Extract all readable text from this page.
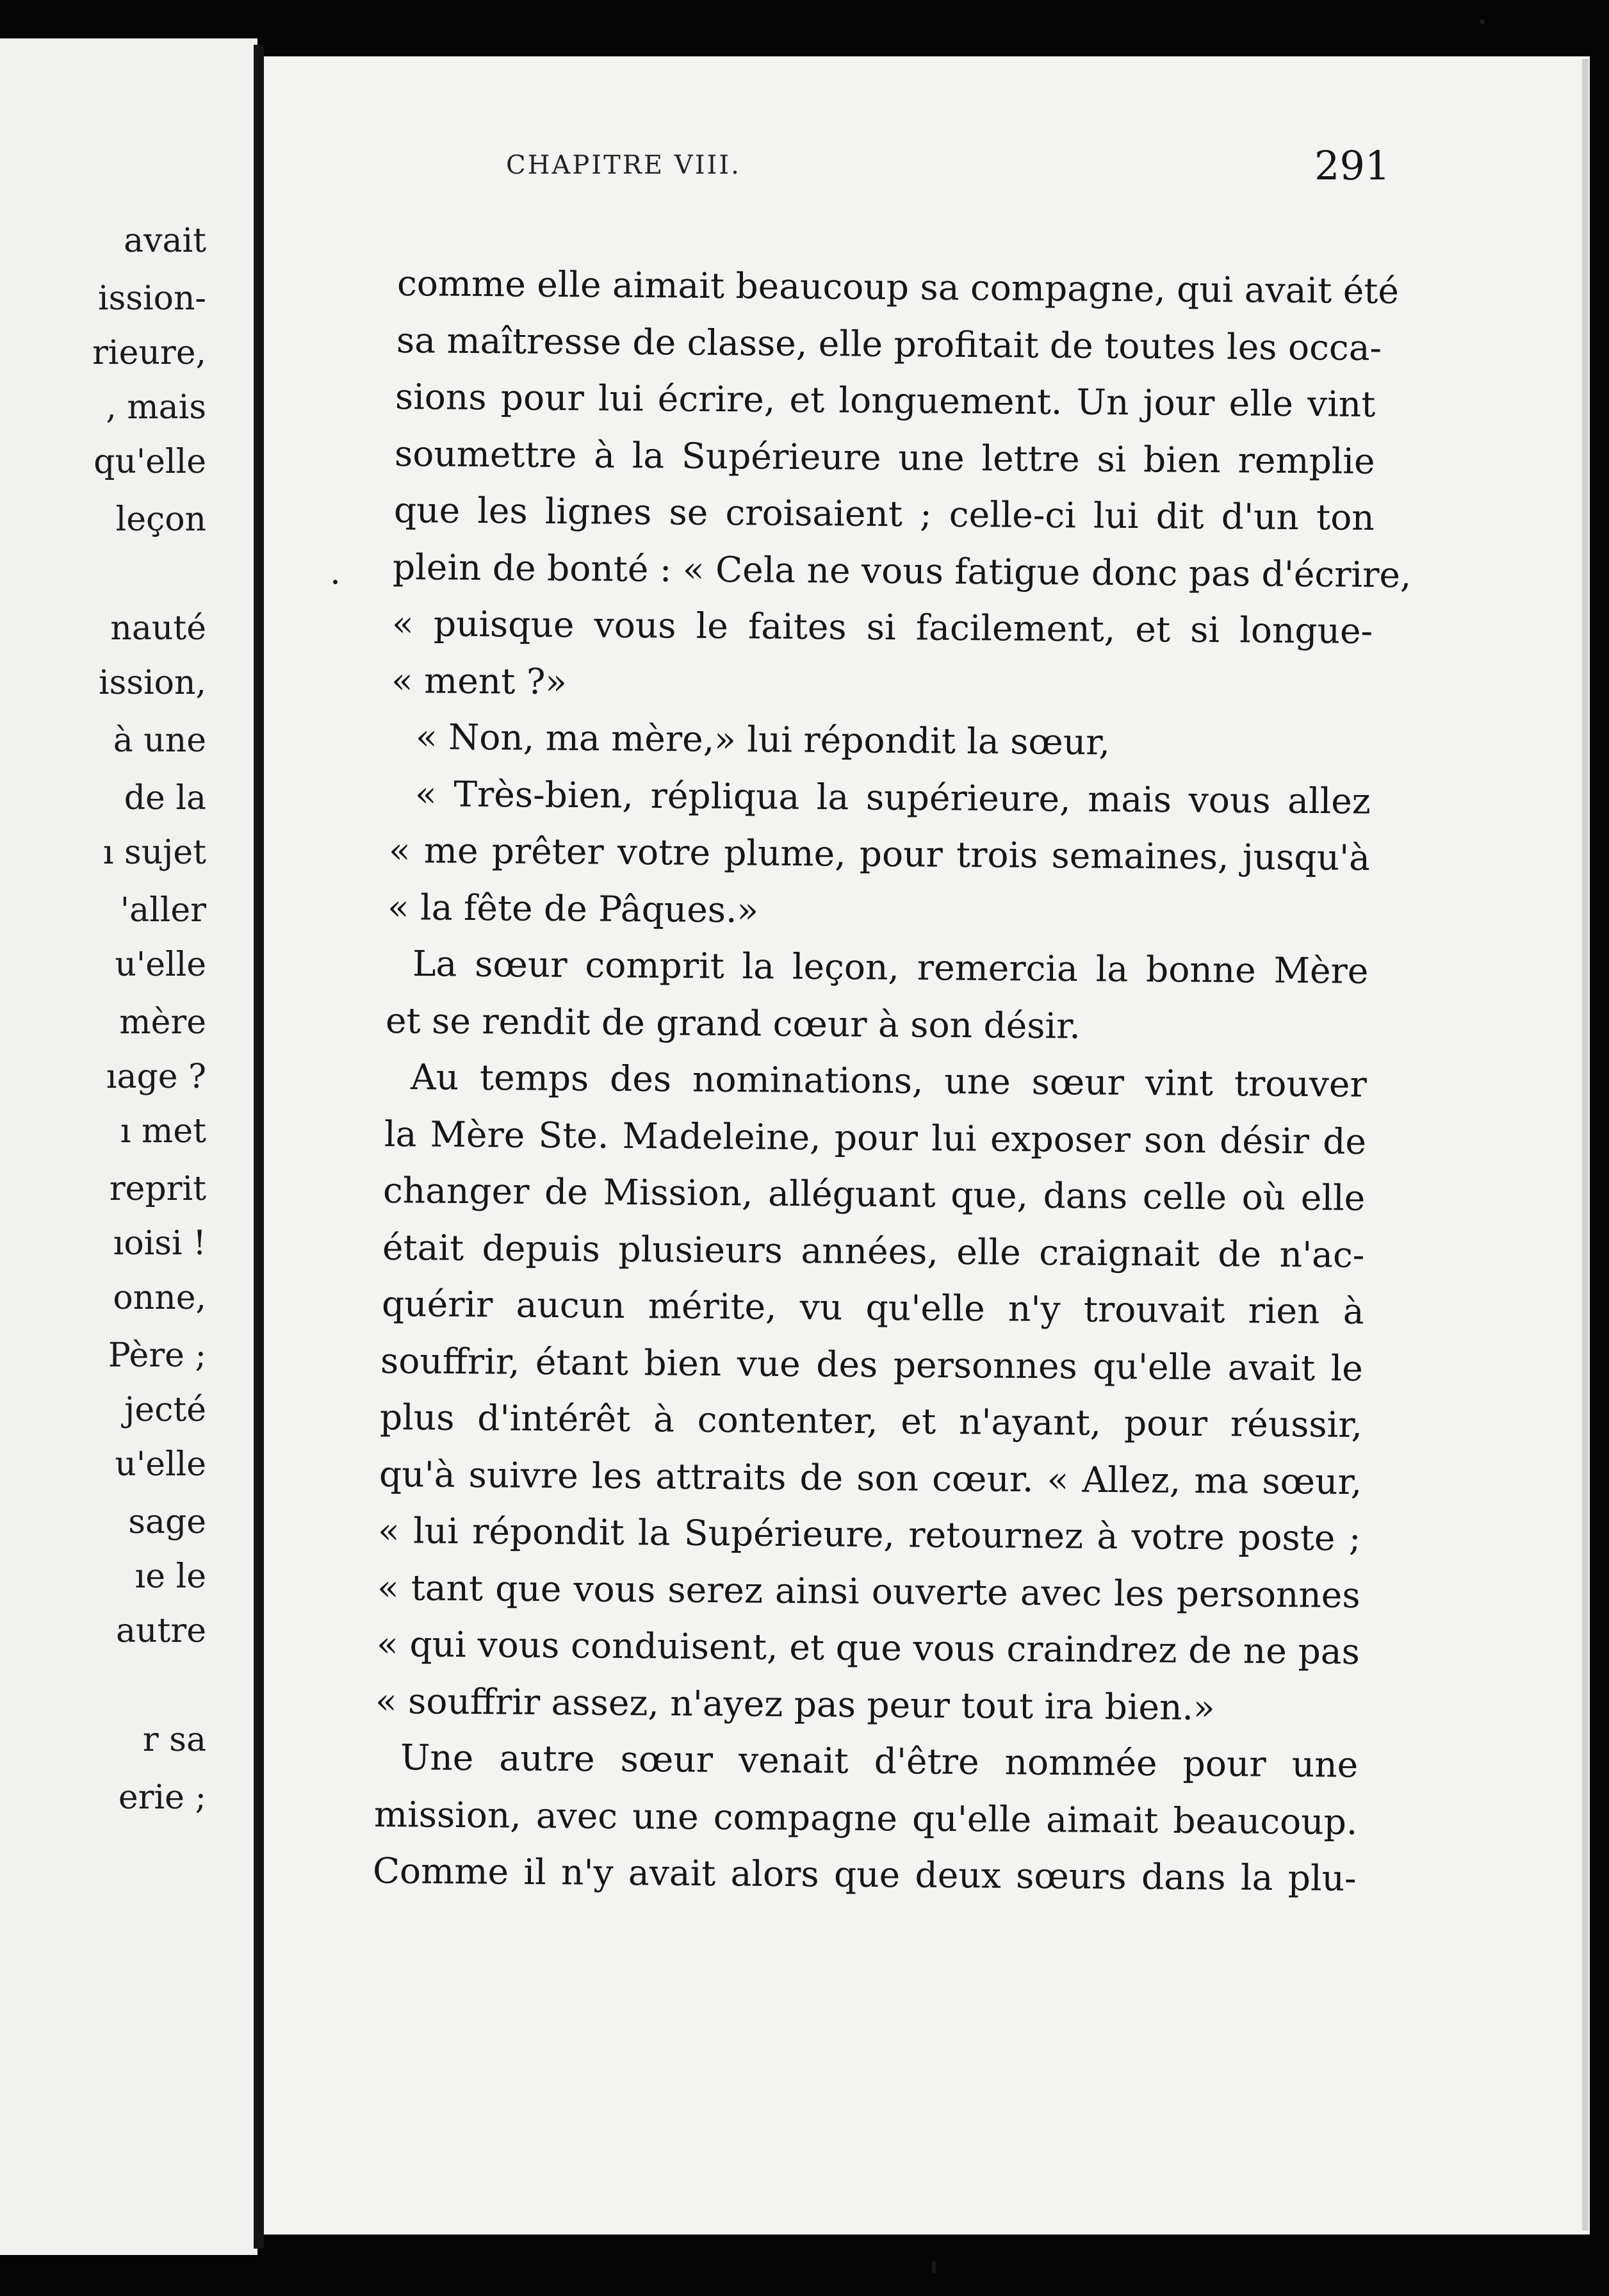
avait

ission-

rieure,

, mais

qu'elle

leçon

nauté

ission,

à une

de la

ı sujet

'aller

u'elle

mère

ıage ?

ı met

reprit

ıoisi !

onne,

Père ;

jecté

u'elle

sage

ıe le

autre

r sa

erie ;

CHAPITRE VIII.	291

comme elle aimait beaucoup sa compagne, qui avait été

sa maîtresse de classe, elle profitait de toutes les occa-

sions pour lui écrire, et longuement. Un jour elle vint

soumettre à la Supérieure une lettre si bien remplie

que les lignes se croisaient ; celle-ci lui dit d'un ton

plein de bonté : « Cela ne vous fatigue donc pas d'écrire,

« puisque vous le faites si facilement, et si longue-

« ment ?»

« Non, ma mère,» lui répondit la sœur,

« Très-bien, répliqua la supérieure, mais vous allez

« me prêter votre plume, pour trois semaines, jusqu'à

« la fête de Pâques.»

La sœur comprit la leçon, remercia la bonne Mère

et se rendit de grand cœur à son désir.

Au temps des nominations, une sœur vint trouver

la Mère Ste. Madeleine, pour lui exposer son désir de

changer de Mission, alléguant que, dans celle où elle

était depuis plusieurs années, elle craignait de n'ac-

quérir aucun mérite, vu qu'elle n'y trouvait rien à

souffrir, étant bien vue des personnes qu'elle avait le

plus d'intérêt à contenter, et n'ayant, pour réussir,

qu'à suivre les attraits de son cœur. « Allez, ma sœur,

« lui répondit la Supérieure, retournez à votre poste ;

« tant que vous serez ainsi ouverte avec les personnes

« qui vous conduisent, et que vous craindrez de ne pas

« souffrir assez, n'ayez pas peur tout ira bien.»

Une autre sœur venait d'être nommée pour une

mission, avec une compagne qu'elle aimait beaucoup.

Comme il n'y avait alors que deux sœurs dans la plu-
